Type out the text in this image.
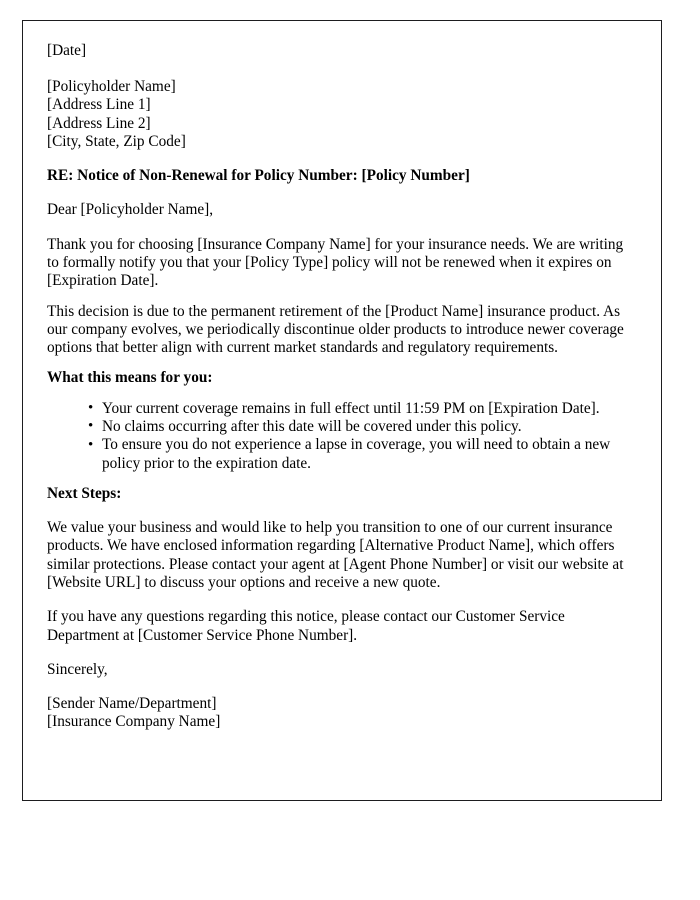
[Date]
[Policyholder Name]
[Address Line 1]
[Address Line 2]
[City, State, Zip Code]

RE: Notice of Non-Renewal for Policy Number: [Policy Number]

Dear [Policyholder Name],

Thank you for choosing [Insurance Company Name] for your insurance needs. We are writing to formally notify you that your [Policy Type] policy will not be renewed when it expires on [Expiration Date].

This decision is due to the permanent retirement of the [Product Name] insurance product. As our company evolves, we periodically discontinue older products to introduce newer coverage options that better align with current market standards and regulatory requirements.

What this means for you:

• Your current coverage remains in full effect until 11:59 PM on [Expiration Date].
• No claims occurring after this date will be covered under this policy.
• To ensure you do not experience a lapse in coverage, you will need to obtain a new policy prior to the expiration date.

Next Steps:

We value your business and would like to help you transition to one of our current insurance products. We have enclosed information regarding [Alternative Product Name], which offers similar protections. Please contact your agent at [Agent Phone Number] or visit our website at [Website URL] to discuss your options and receive a new quote.

If you have any questions regarding this notice, please contact our Customer Service Department at [Customer Service Phone Number].

Sincerely,

[Sender Name/Department]
[Insurance Company Name]
